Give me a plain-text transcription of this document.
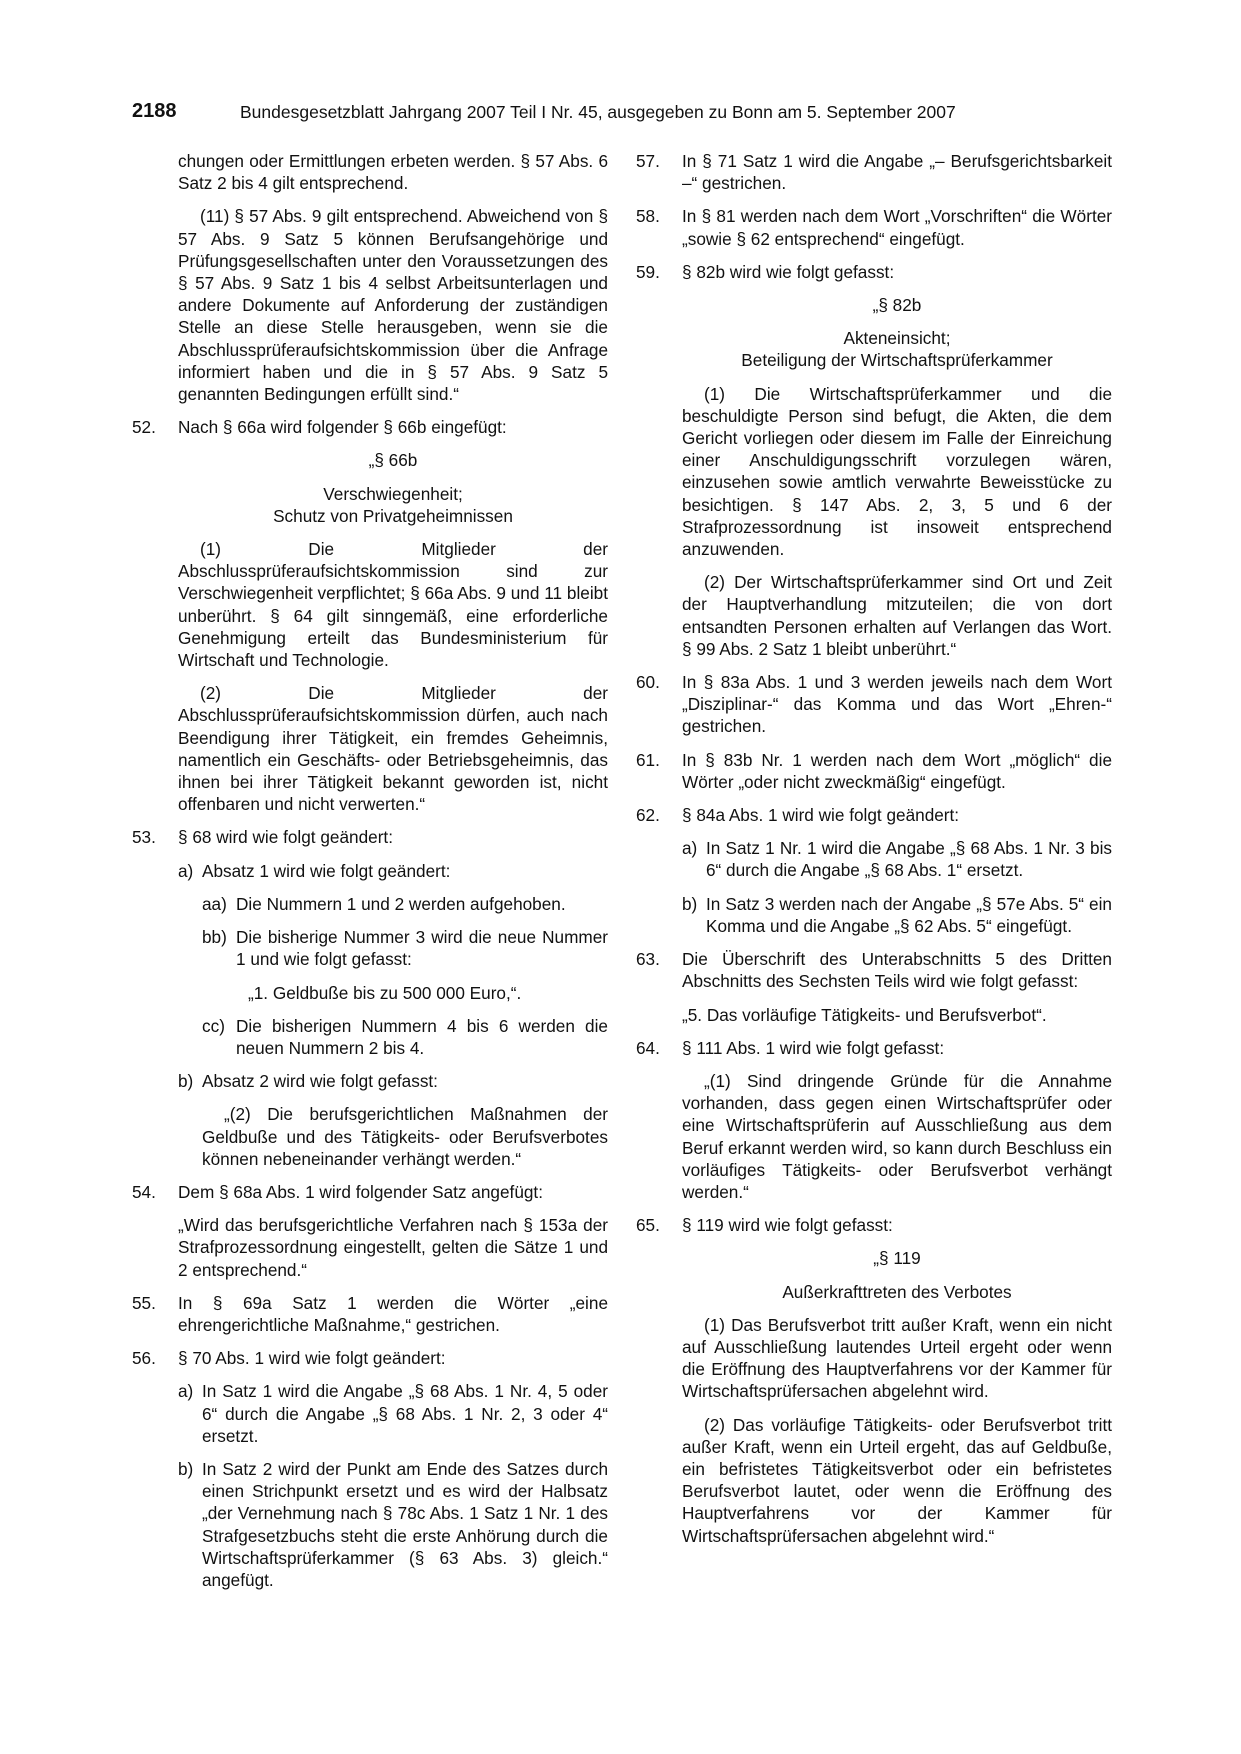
2188	Bundesgesetzblatt Jahrgang 2007 Teil I Nr. 45, ausgegeben zu Bonn am 5. September 2007

chungen oder Ermittlungen erbeten werden. § 57 Abs. 6 Satz 2 bis 4 gilt entsprechend.

(11) § 57 Abs. 9 gilt entsprechend. Abweichend von § 57 Abs. 9 Satz 5 können Berufsangehörige und Prüfungsgesellschaften unter den Voraussetzungen des § 57 Abs. 9 Satz 1 bis 4 selbst Arbeitsunterlagen und andere Dokumente auf Anforderung der zuständigen Stelle an diese Stelle herausgeben, wenn sie die Abschlussprüferaufsichtskommission über die Anfrage informiert haben und die in § 57 Abs. 9 Satz 5 genannten Bedingungen erfüllt sind.“

52.	Nach § 66a wird folgender § 66b eingefügt:
„§ 66b
Verschwiegenheit;
Schutz von Privatgeheimnissen

(1) Die Mitglieder der Abschlussprüferaufsichtskommission sind zur Verschwiegenheit verpflichtet; § 66a Abs. 9 und 11 bleibt unberührt. § 64 gilt sinngemäß, eine erforderliche Genehmigung erteilt das Bundesministerium für Wirtschaft und Technologie.

(2) Die Mitglieder der Abschlussprüferaufsichtskommission dürfen, auch nach Beendigung ihrer Tätigkeit, ein fremdes Geheimnis, namentlich ein Geschäfts- oder Betriebsgeheimnis, das ihnen bei ihrer Tätigkeit bekannt geworden ist, nicht offenbaren und nicht verwerten.“

53.	§ 68 wird wie folgt geändert:
a) Absatz 1 wird wie folgt geändert:
aa) Die Nummern 1 und 2 werden aufgehoben.
bb) Die bisherige Nummer 3 wird die neue Nummer 1 und wie folgt gefasst:
„1. Geldbuße bis zu 500 000 Euro,“.
cc) Die bisherigen Nummern 4 bis 6 werden die neuen Nummern 2 bis 4.
b) Absatz 2 wird wie folgt gefasst:

„(2) Die berufsgerichtlichen Maßnahmen der Geldbuße und des Tätigkeits- oder Berufsverbotes können nebeneinander verhängt werden.“

54.	Dem § 68a Abs. 1 wird folgender Satz angefügt:

„Wird das berufsgerichtliche Verfahren nach § 153a der Strafprozessordnung eingestellt, gelten die Sätze 1 und 2 entsprechend.“

55.	In § 69a Satz 1 werden die Wörter „eine ehrengerichtliche Maßnahme,“ gestrichen.
56.	§ 70 Abs. 1 wird wie folgt geändert:
a) In Satz 1 wird die Angabe „§ 68 Abs. 1 Nr. 4, 5 oder 6“ durch die Angabe „§ 68 Abs. 1 Nr. 2, 3 oder 4“ ersetzt.
b) In Satz 2 wird der Punkt am Ende des Satzes durch einen Strichpunkt ersetzt und es wird der Halbsatz „der Vernehmung nach § 78c Abs. 1 Satz 1 Nr. 1 des Strafgesetzbuchs steht die erste Anhörung durch die Wirtschaftsprüferkammer (§ 63 Abs. 3) gleich.“ angefügt.
57.	In § 71 Satz 1 wird die Angabe „– Berufsgerichtsbarkeit –“ gestrichen.
58.	In § 81 werden nach dem Wort „Vorschriften“ die Wörter „sowie § 62 entsprechend“ eingefügt.
59.	§ 82b wird wie folgt gefasst:
„§ 82b
Akteneinsicht;
Beteiligung der Wirtschaftsprüferkammer

(1) Die Wirtschaftsprüferkammer und die beschuldigte Person sind befugt, die Akten, die dem Gericht vorliegen oder diesem im Falle der Einreichung einer Anschuldigungsschrift vorzulegen wären, einzusehen sowie amtlich verwahrte Beweisstücke zu besichtigen. § 147 Abs. 2, 3, 5 und 6 der Strafprozessordnung ist insoweit entsprechend anzuwenden.

(2) Der Wirtschaftsprüferkammer sind Ort und Zeit der Hauptverhandlung mitzuteilen; die von dort entsandten Personen erhalten auf Verlangen das Wort. § 99 Abs. 2 Satz 1 bleibt unberührt.“

60.	In § 83a Abs. 1 und 3 werden jeweils nach dem Wort „Disziplinar-“ das Komma und das Wort „Ehren-“ gestrichen.
61.	In § 83b Nr. 1 werden nach dem Wort „möglich“ die Wörter „oder nicht zweckmäßig“ eingefügt.
62.	§ 84a Abs. 1 wird wie folgt geändert:
a) In Satz 1 Nr. 1 wird die Angabe „§ 68 Abs. 1 Nr. 3 bis 6“ durch die Angabe „§ 68 Abs. 1“ ersetzt.
b) In Satz 3 werden nach der Angabe „§ 57e Abs. 5“ ein Komma und die Angabe „§ 62 Abs. 5“ eingefügt.
63.	Die Überschrift des Unterabschnitts 5 des Dritten Abschnitts des Sechsten Teils wird wie folgt gefasst:

„5. Das vorläufige Tätigkeits- und Berufsverbot“.

64.	§ 111 Abs. 1 wird wie folgt gefasst:

„(1) Sind dringende Gründe für die Annahme vorhanden, dass gegen einen Wirtschaftsprüfer oder eine Wirtschaftsprüferin auf Ausschließung aus dem Beruf erkannt werden wird, so kann durch Beschluss ein vorläufiges Tätigkeits- oder Berufsverbot verhängt werden.“

65.	§ 119 wird wie folgt gefasst:
„§ 119
Außerkrafttreten des Verbotes

(1) Das Berufsverbot tritt außer Kraft, wenn ein nicht auf Ausschließung lautendes Urteil ergeht oder wenn die Eröffnung des Hauptverfahrens vor der Kammer für Wirtschaftsprüfersachen abgelehnt wird.

(2) Das vorläufige Tätigkeits- oder Berufsverbot tritt außer Kraft, wenn ein Urteil ergeht, das auf Geldbuße, ein befristetes Tätigkeitsverbot oder ein befristetes Berufsverbot lautet, oder wenn die Eröffnung des Hauptverfahrens vor der Kammer für Wirtschaftsprüfersachen abgelehnt wird.“
